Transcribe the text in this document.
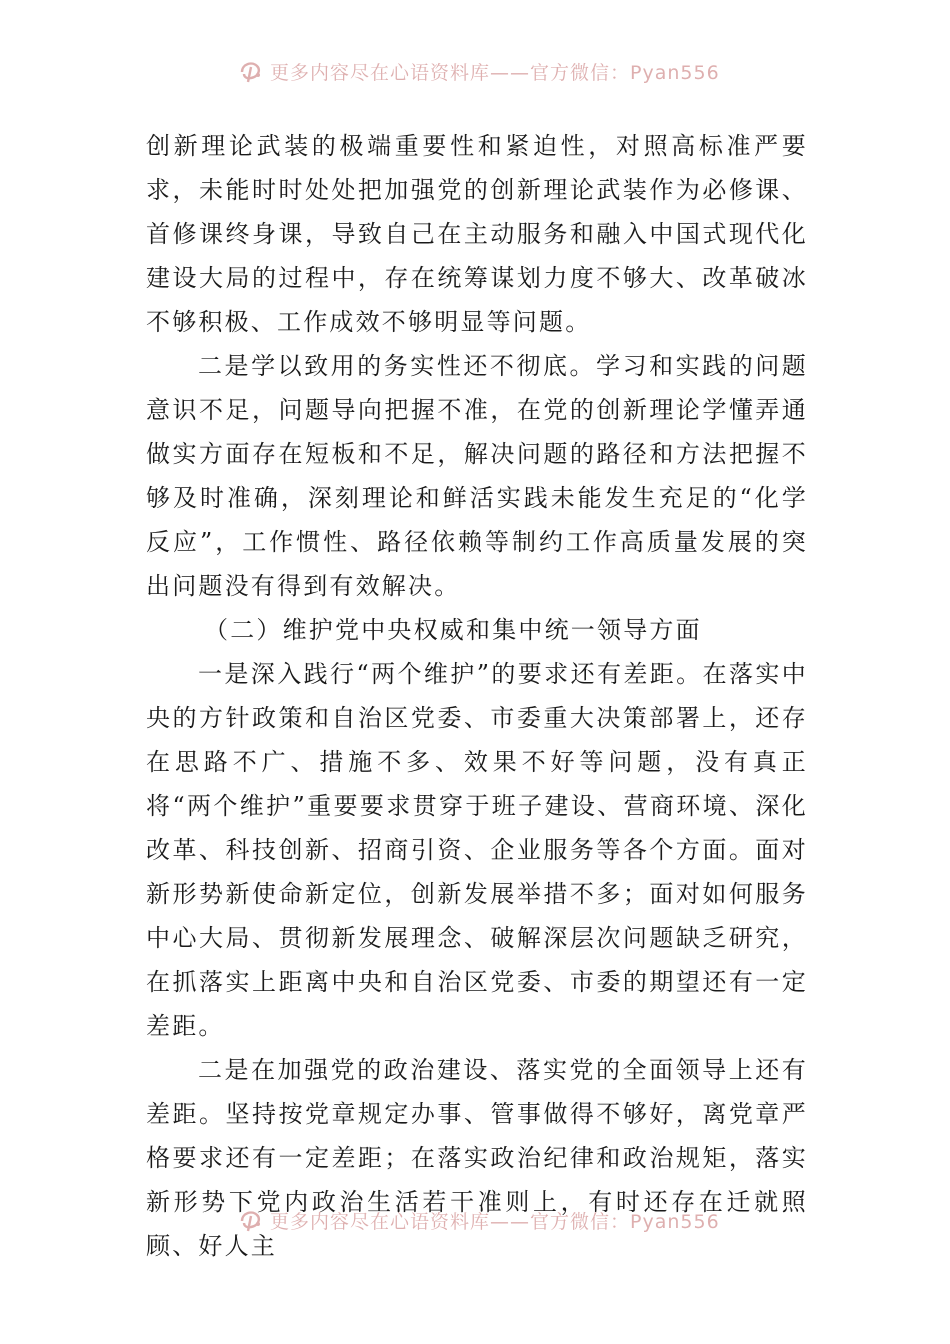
更多内容尽在心语资料库——官方微信：Pyan556

创新理论武装的极端重要性和紧迫性，对照高标准严要求，未能时时处处把加强党的创新理论武装作为必修课、首修课终身课，导致自己在主动服务和融入中国式现代化建设大局的过程中，存在统筹谋划力度不够大、改革破冰不够积极、工作成效不够明显等问题。

二是学以致用的务实性还不彻底。学习和实践的问题意识不足，问题导向把握不准，在党的创新理论学懂弄通做实方面存在短板和不足，解决问题的路径和方法把握不够及时准确，深刻理论和鲜活实践未能发生充足的“化学反应”，工作惯性、路径依赖等制约工作高质量发展的突出问题没有得到有效解决。

（二）维护党中央权威和集中统一领导方面

一是深入践行“两个维护”的要求还有差距。在落实中央的方针政策和自治区党委、市委重大决策部署上，还存在思路不广、措施不多、效果不好等问题，没有真正将“两个维护”重要要求贯穿于班子建设、营商环境、深化改革、科技创新、招商引资、企业服务等各个方面。面对新形势新使命新定位，创新发展举措不多；面对如何服务中心大局、贯彻新发展理念、破解深层次问题缺乏研究，在抓落实上距离中央和自治区党委、市委的期望还有一定差距。

二是在加强党的政治建设、落实党的全面领导上还有差距。坚持按党章规定办事、管事做得不够好，离党章严格要求还有一定差距；在落实政治纪律和政治规矩，落实新形势下党内政治生活若干准则上，有时还存在迁就照顾、好人主

更多内容尽在心语资料库——官方微信：Pyan556
